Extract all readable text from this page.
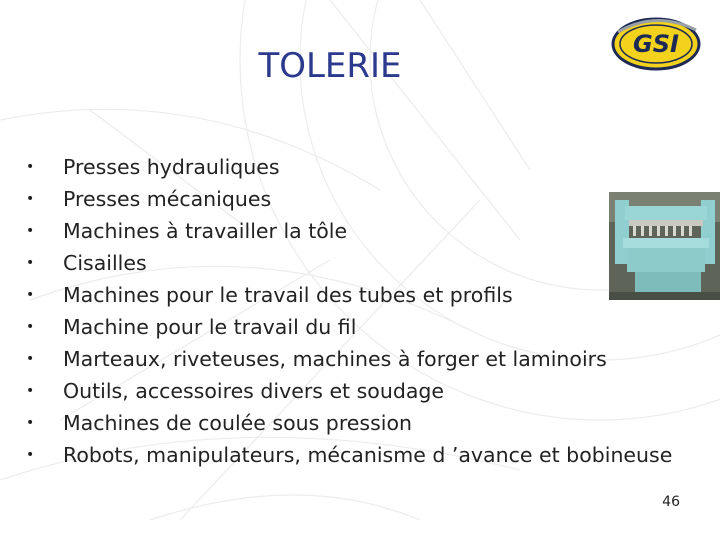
TOLERIE
GSI
•	Presses hydrauliques
•	Presses mécaniques
•	Machines à travailler la tôle
•	Cisailles
•	Machines pour le travail des tubes et profils
•	Machine pour le travail du fil
•	Marteaux, riveteuses, machines à forger et laminoirs
•	Outils, accessoires divers et soudage
•	Machines de coulée sous pression
•	Robots, manipulateurs, mécanisme d ’avance et bobineuse
46
